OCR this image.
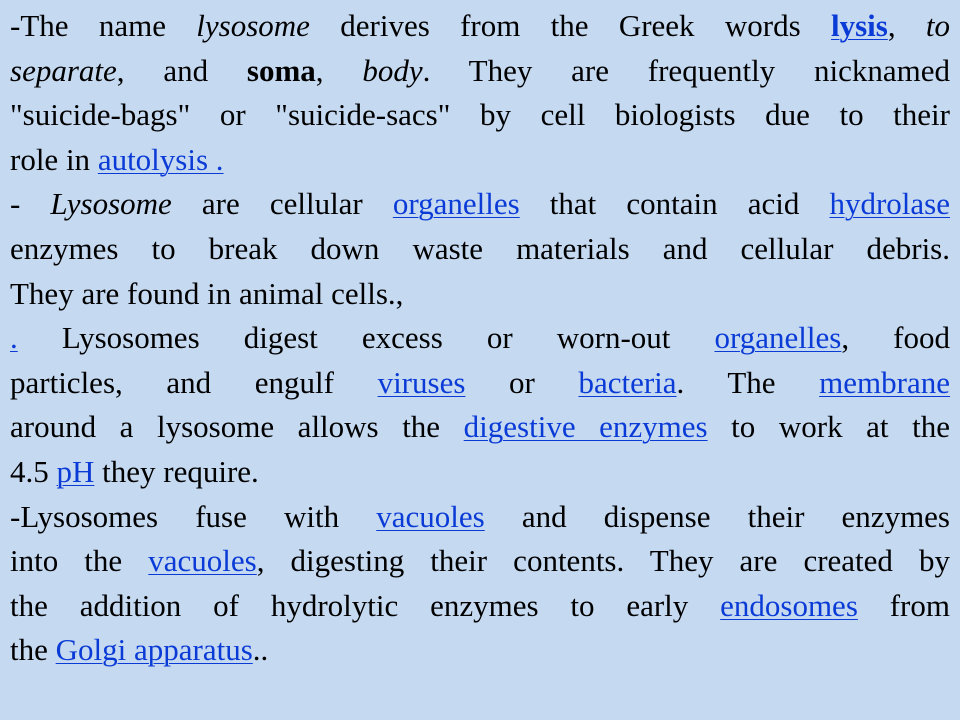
-The name lysosome derives from the Greek words lysis, to
separate, and soma, body. They are frequently nicknamed
"suicide-bags" or "suicide-sacs" by cell biologists due to their
role in autolysis .
- Lysosome are cellular organelles that contain acid hydrolase
enzymes to break down waste materials and cellular debris.
They are found in animal cells.,
. Lysosomes digest excess or worn-out organelles, food
particles, and engulf viruses or bacteria. The membrane
around a lysosome allows the digestive enzymes to work at the
4.5 pH they require.
-Lysosomes fuse with vacuoles and dispense their enzymes
into the vacuoles, digesting their contents. They are created by
the addition of hydrolytic enzymes to early endosomes from
the Golgi apparatus..
